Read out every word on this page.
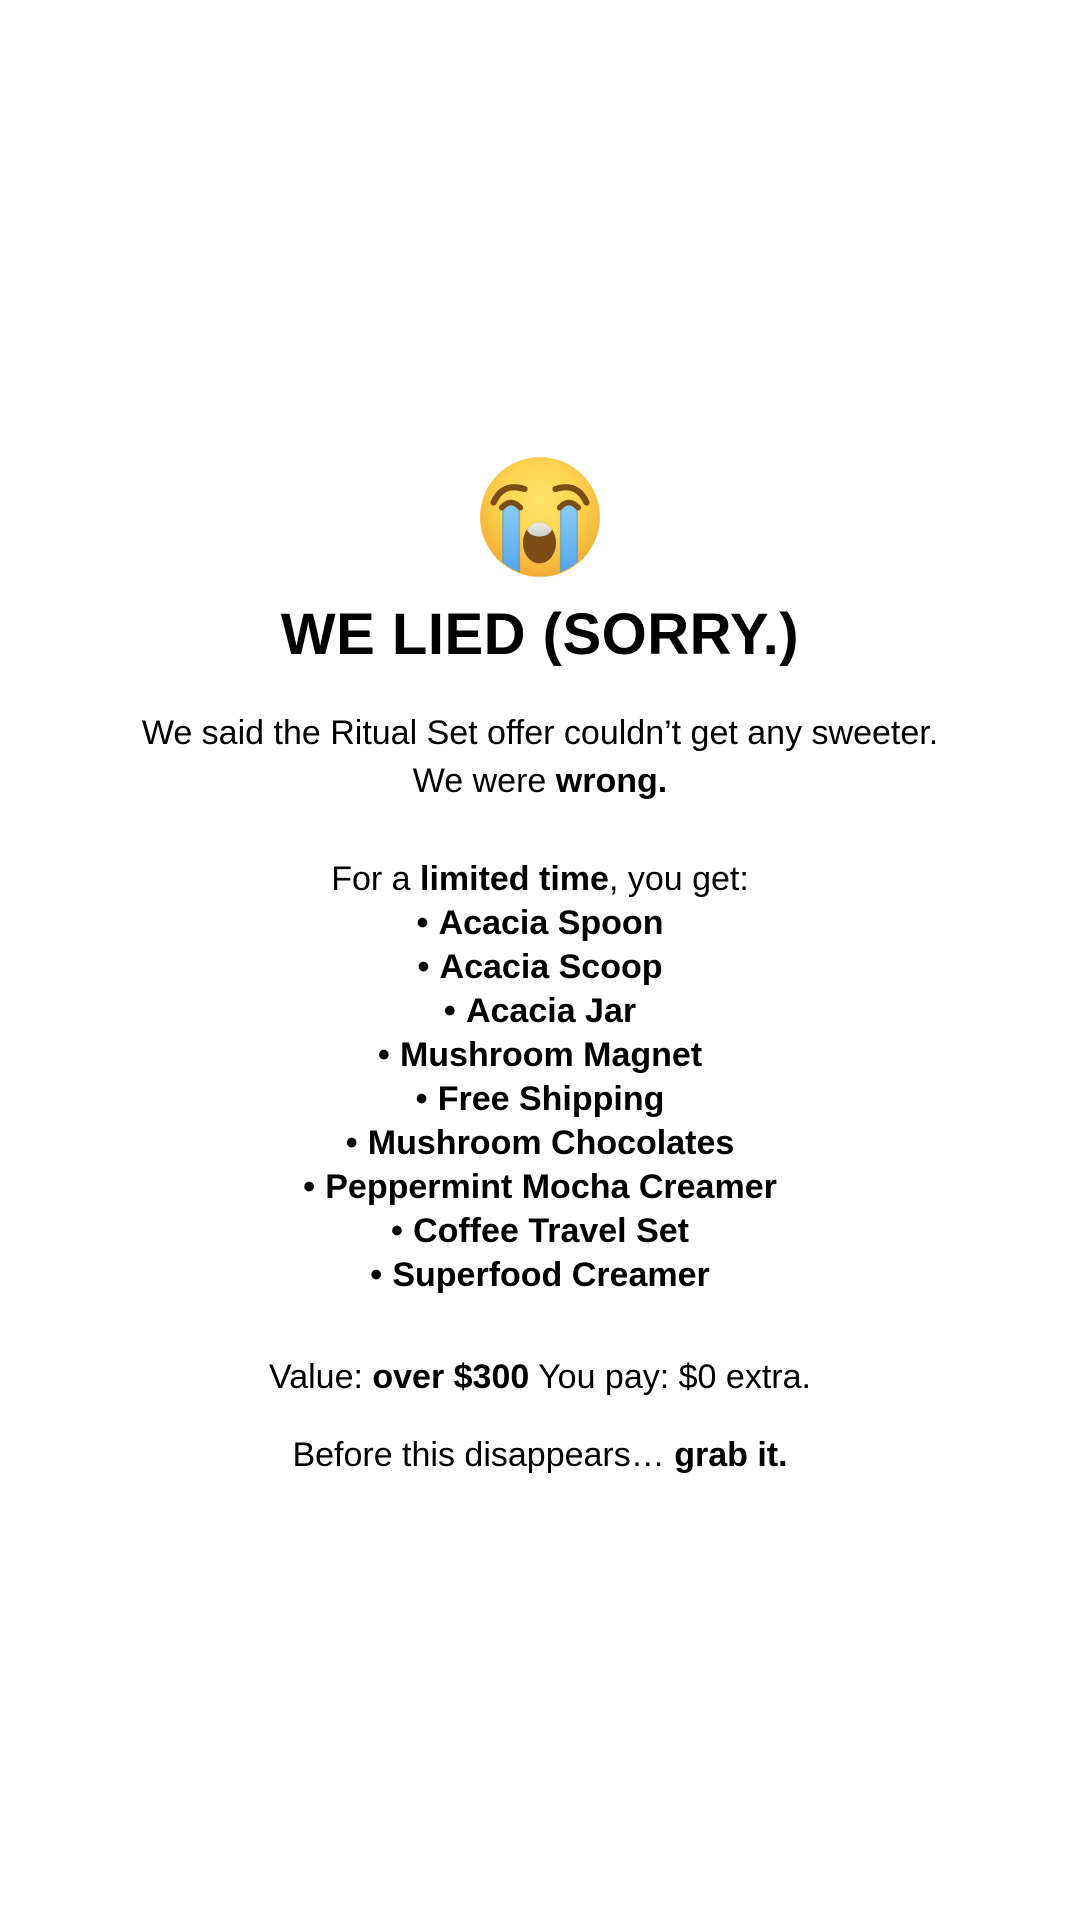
WE LIED (SORRY.)

We said the Ritual Set offer couldn’t get any sweeter. We were wrong.

For a limited time, you get:

• Acacia Spoon
• Acacia Scoop
• Acacia Jar
• Mushroom Magnet
• Free Shipping
• Mushroom Chocolates
• Peppermint Mocha Creamer
• Coffee Travel Set
• Superfood Creamer

Value: over $300 You pay: $0 extra.

Before this disappears… grab it.
